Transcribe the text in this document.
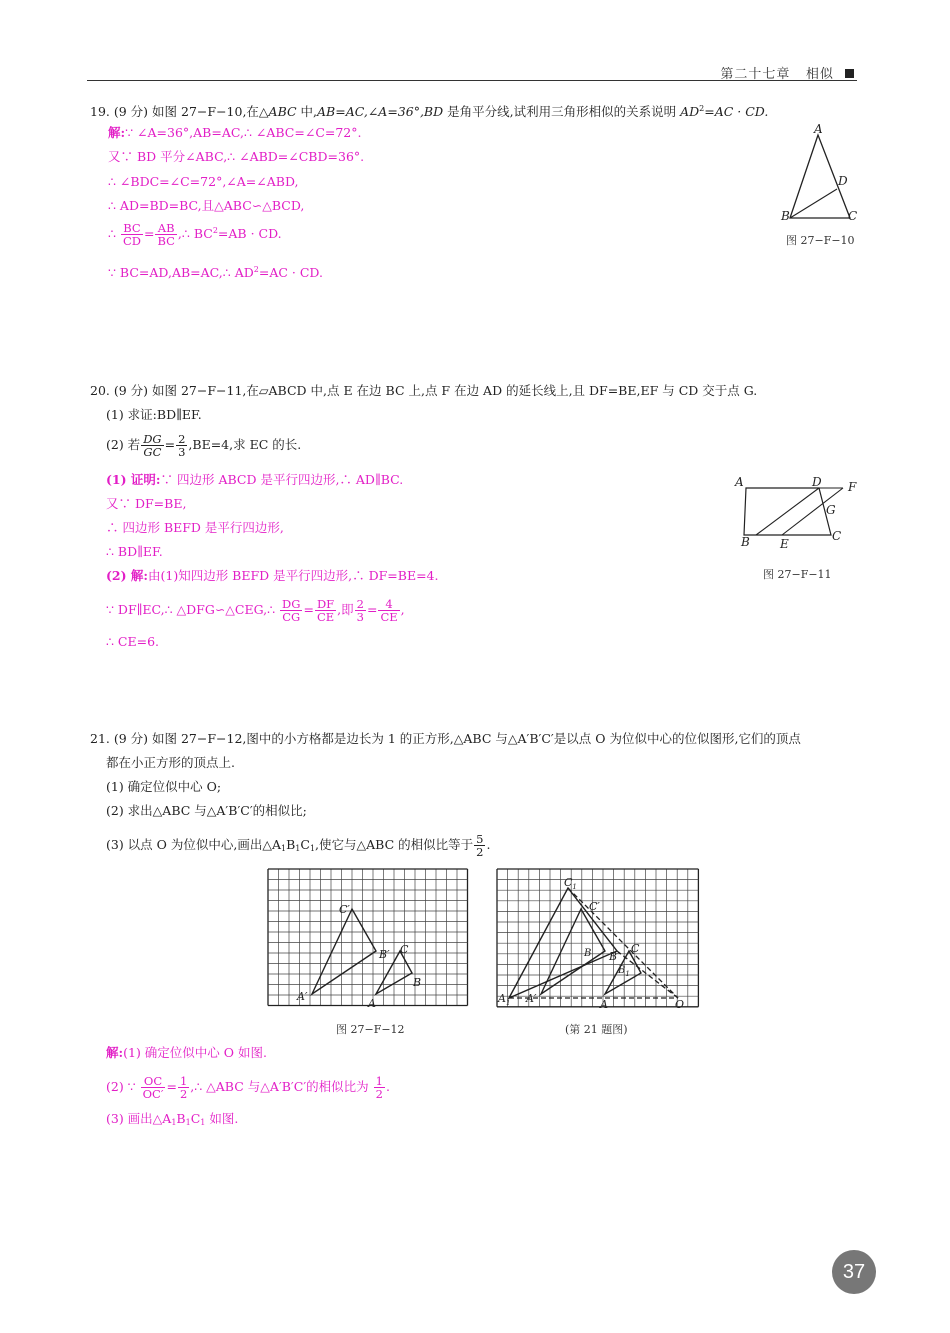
第二十七章 相似
19. (9 分) 如图 27−F−10,在△ABC 中,AB=AC,∠A=36°,BD 是角平分线,试利用三角形相似的关系说明 $AD^2=AC$ · CD.
解:∵ ∠A=36°,AB=AC,∴ ∠ABC=∠C=72°.
又∵ BD 平分∠ABC,∴ ∠ABD=∠CBD=36°.
∴ ∠BDC=∠C=72°,∠A=∠ABD,
∴ AD=BD=BC,且△ABC∽△BCD,
∴ $\frac{BC}{CD} = \frac{AB}{BC}$ ,∴ $BC^2=AB$ · CD.
∵ BC=AD,AB=AC,∴ $AD^2=AC$ · CD.
A
B	C
D
图 27−F−10
20. (9 分) 如图 27−F−11,在▱ABCD 中,点 E 在边 BC 上,点 F 在边 AD 的延长线上,且 DF=BE,EF 与 CD 交于点 G.
(1) 求证:BD∥EF.
(2) 若 $\frac{DG}{GC} = \frac{2}{3} ,BE=4$,求 EC 的长.
(1) 证明:∵ 四边形 ABCD 是平行四边形,∴ AD∥BC.
又∵ DF=BE,
∴ 四边形 BEFD 是平行四边形,
∴ BD∥EF.
(2) 解:由(1)知四边形 BEFD 是平行四边形,∴ DF=BE=4.
∵ DF∥EC,∴ △DFG∽△CEG,∴ $\frac{DG}{CG} = \frac{DF}{CE}$ ,即 $\frac{2}{3} = \frac{4}{CE}$ ,
∴ CE=6.
A	D F
G
C
B	E
图 27−F−11
21. (9 分) 如图 27−F−12,图中的小方格都是边长为 1 的正方形,△ABC 与△A′B′C′是以点 O 为位似中心的位似图形,它们的顶点
都在小正方形的顶点上.
(1) 确定位似中心 O;
(2) 求出△ABC 与△A′B′C′的相似比;
(3) 以点 O 为位似中心,画出$\triangle A_1B_1C_1$,使它与△ABC 的相似比等于 $\frac{5}{2}$ .
C′
B′ C
B
A′
A
图 27−F−12
$C_1$
C′
B B′
C
$B_1$
$A_1$ A′	A	O
(第 21 题图)
解:(1) 确定位似中心 O 如图.
(2) ∵ $\frac{OC}{OC'} = \frac{1}{2}$ ,∴ △ABC 与△A′B′C′的相似比为 $\frac{1}{2}$ .
(3) 画出$\triangle A_1B_1C_1$ 如图.
37
